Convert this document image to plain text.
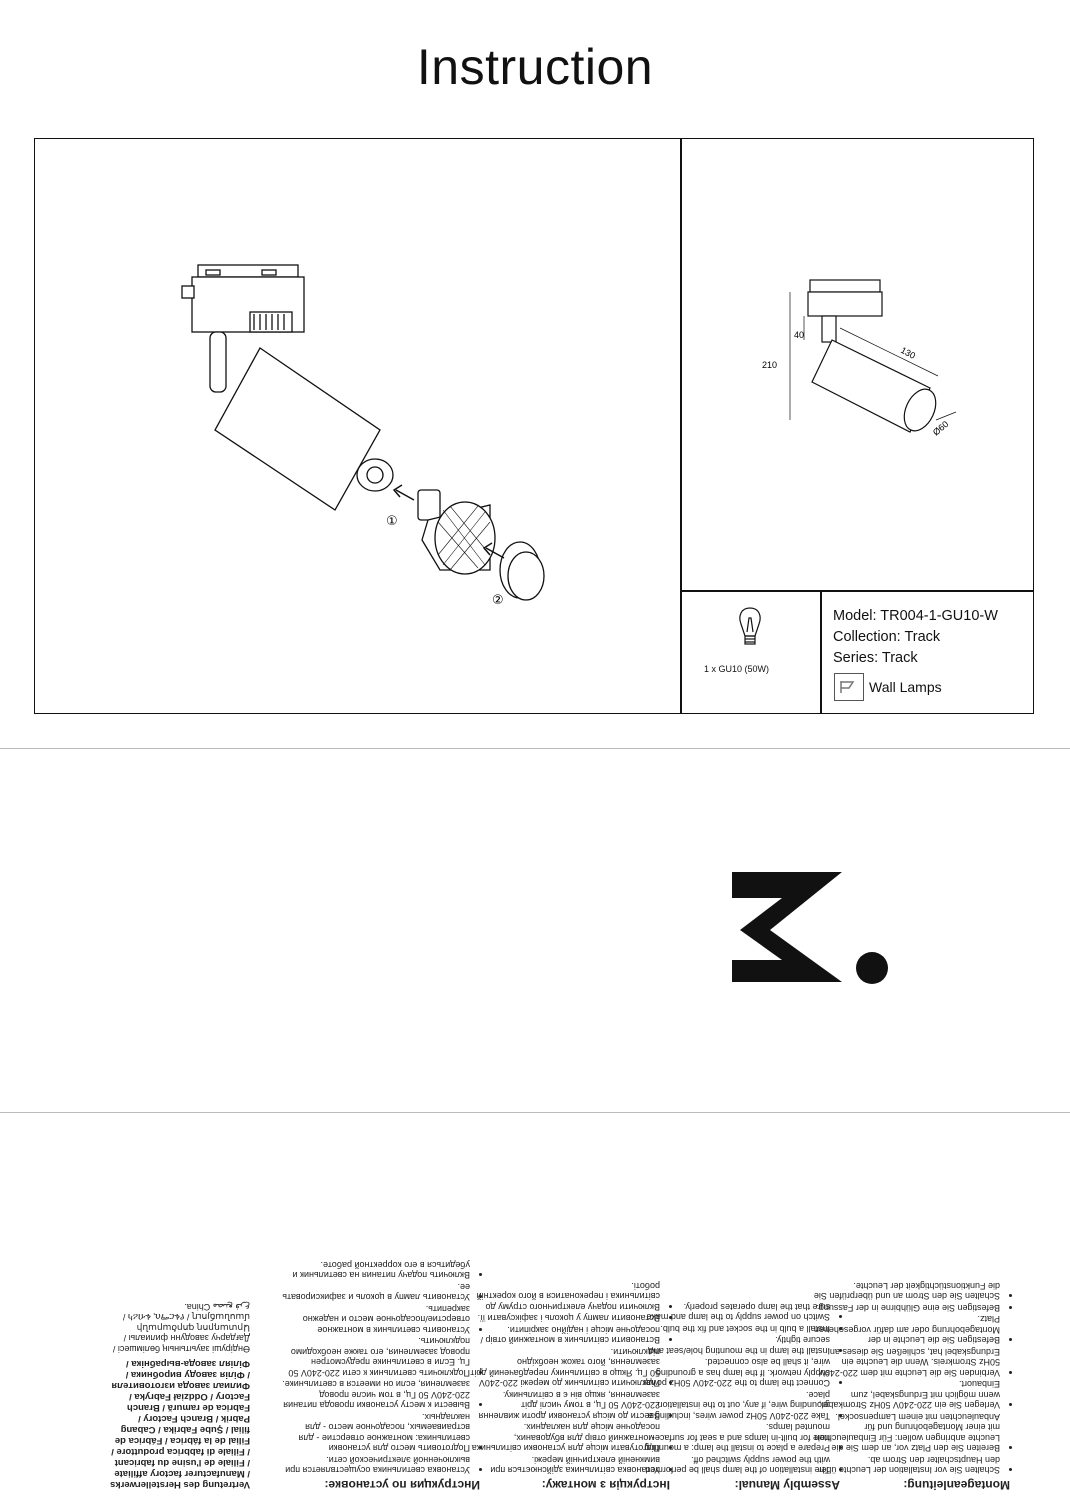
Instruction
①
②
210
40
130
Ø60
1 x GU10 (50W)
Model: TR004-1-GU10-W
Collection: Track
Series: Track
Wall Lamps
Montageanleitung:
• Schalten Sie vor Installation der Leuchte über den Hauptschalter den Strom ab.
• Bereiten Sie den Platz vor, an dem Sie die Leuchte anbringen wollen: Für Einbauleuchten mit einer Montagebohrung und für Anbauleuchten mit einem Lampensockel.
• Verlegen Sie ein 220-240V 50Hz Stromkabel, wenn möglich mit Erdungskabel, zum Einbauort.
• Verbinden Sie die Leuchte mit dem 220-240V 50Hz Stromkreis. Wenn die Leuchte ein Erdungskabel hat, schließen Sie dieses an.
• Befestigen Sie die Leuchte in der Montagebohrung oder am dafür vorgesehenen Platz.
• Befestigen Sie eine Glühbirne in der Fassung.
• Schalten Sie den Strom an und überprüfen Sie die Funktionstüchtigkeit der Leuchte.
Assembly Manual:
• The installation of the lamp shall be performed with the power supply switched off.
• Prepare a place to install the lamp: a mounting hole for built-in lamps and a seat for surface-mounted lamps.
• Take 220-240V 50Hz power wires, including a grounding wire, if any, out to the installation place.
• Connect the lamp to the 220-240V 50Hz power supply network. If the lamp has a grounding wire, it shall be also connected.
• Install the lamp in the mounting hole/seat and secure tightly.
• Install a bulb in the socket and fix the bulb.
• Switch on power supply to the lamp and make sure that the lamp operates properly.
Інструкція з монтажу:
• Установка світильника здійснюється при вимкненій електричній мережі.
• Підготувати місце для установки світильника - монтажний отвір для вбудованих, посадочне місце для накладних.
• Ввести до місця установки дроти живлення 220-240V 50 Гц, в тому числі дріт заземлення, якщо він є в світильнику.
• Підключити світильник до мережі 220-240V 50 Гц. Якщо в світильнику передбачений дріт заземлення, його також необхідно підключити.
• Встановити світильник в монтажний отвір / посадочне місце і надійно закріпити.
• Встановити лампу у цоколь і зафіксувати її.
• Включити подачу електричного струму до світильника і переконатися в його коректній роботі.
Инструкция по установке:
• Установка светильника осуществляется при выключенной электрической сети.
• Подготовить место для установки светильника: монтажное отверстие - для встраиваемых, посадочное место - для накладных.
• Вывести к месту установки провода питания 220-240V 50 Гц, в том числе провод заземления, если он имеется в светильнике.
• Подключить светильник к сети 220-240V 50 Гц. Если в светильнике предусмотрен провод заземления, его также необходимо подключить.
• Установить светильник в монтажное отверстие/посадочное место и надежно закрепить.
• Установить лампу в цоколь и зафиксировать ее.
• Включить подачу питания на светильник и убедиться в его корректной работе.
Vertretung des Herstellerwerks / Manufacturer factory affiliate / Filiale de l'usine du fabricant / Filiale di fabbrica produttore / Filial de la fábrica / Fábrica de filial / Şube Fabrika / Cabang Pabrik / Branch Factory / Fabrica de ramură / Branch Factory / Oddział Fabryka / Филиал завода изготовителя / Філія заводу виробника / Філіял завода-вырабніка /
Өндіруші зауытының бөлімшесі / Дағдарчу заводунн филиалы / Արտադրող գործարանի մասնաճյուղ / የፋርማሲ ፋብሪካ / مصنع فرع China.
